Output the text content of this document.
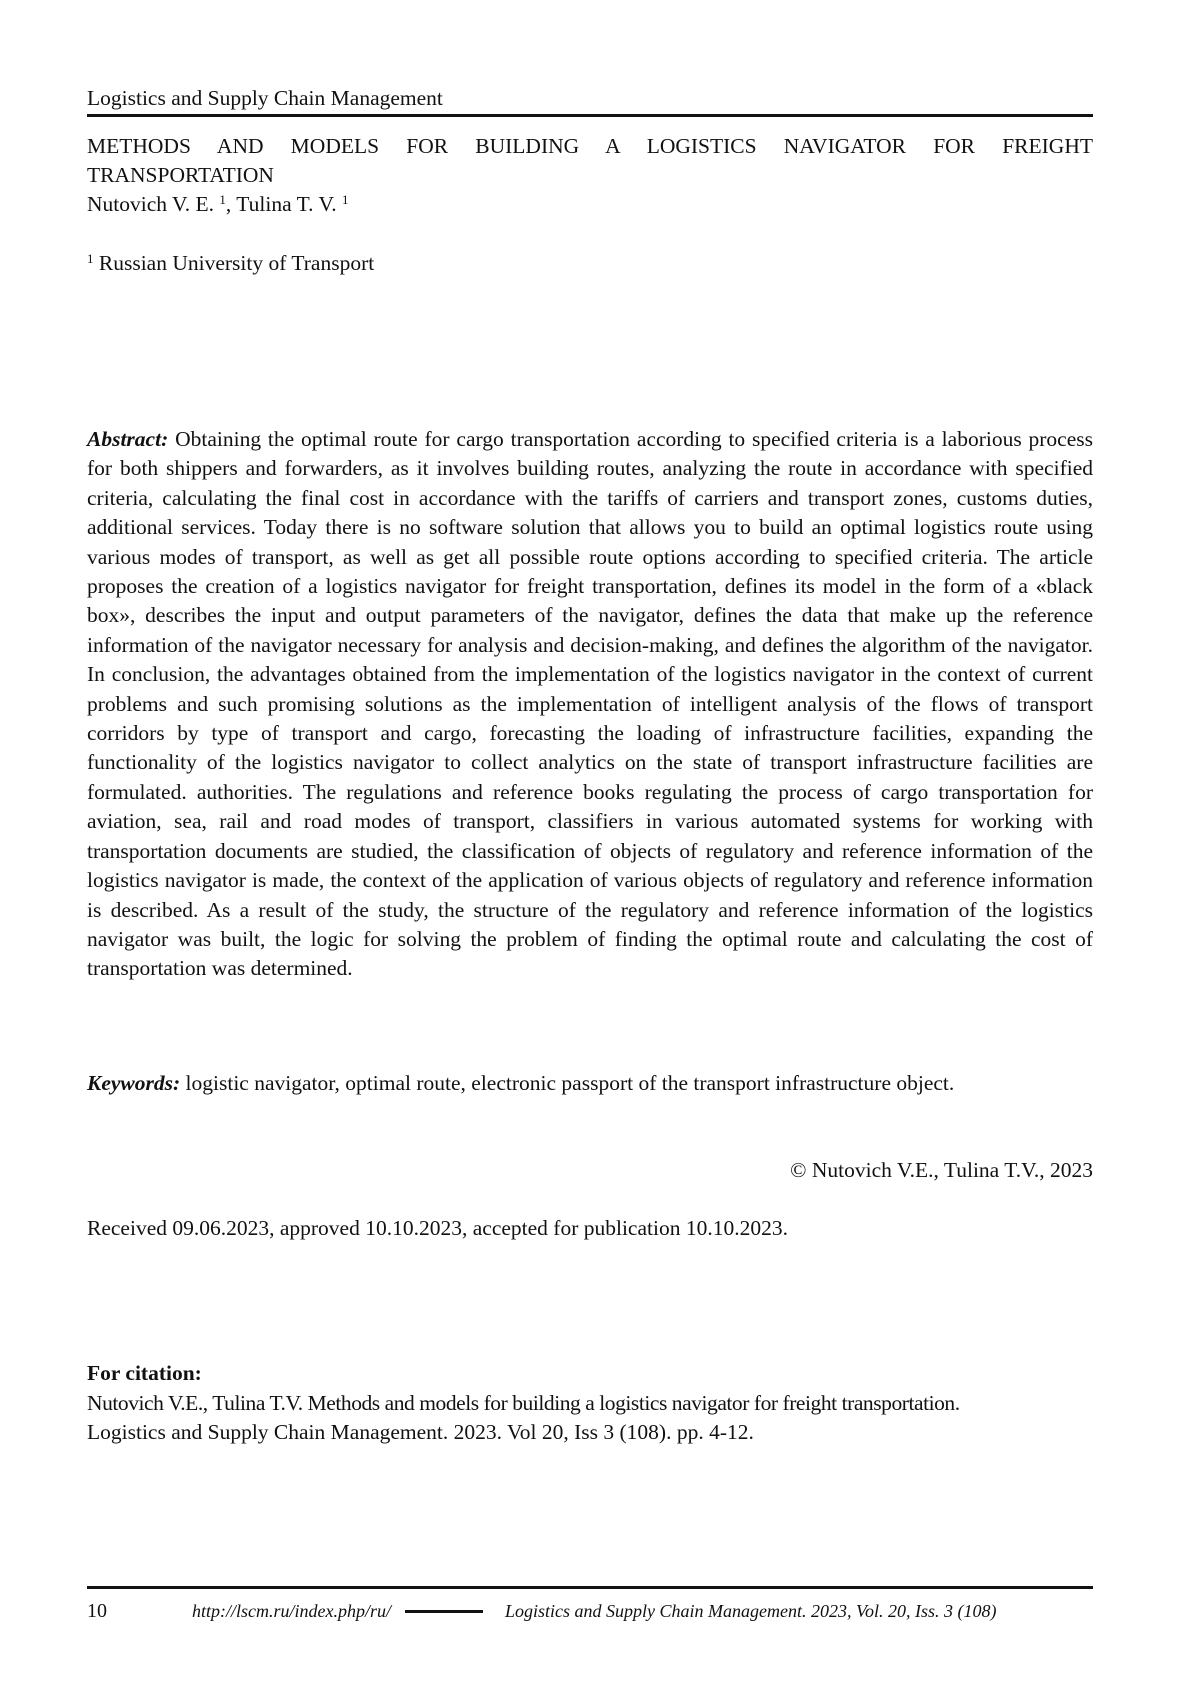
Logistics and Supply Chain Management
METHODS AND MODELS FOR BUILDING A LOGISTICS NAVIGATOR FOR FREIGHT TRANSPORTATION
Nutovich V. E. 1, Tulina T. V. 1
1 Russian University of Transport
Abstract: Obtaining the optimal route for cargo transportation according to specified criteria is a laborious process for both shippers and forwarders, as it involves building routes, analyzing the route in accordance with specified criteria, calculating the final cost in accordance with the tariffs of carriers and transport zones, customs duties, additional services. Today there is no software solution that allows you to build an optimal logistics route using various modes of transport, as well as get all possible route options according to specified criteria. The article proposes the creation of a logistics navigator for freight transportation, defines its model in the form of a «black box», describes the input and output parameters of the navigator, defines the data that make up the reference information of the navigator necessary for analysis and decision-making, and defines the algorithm of the navigator. In conclusion, the advantages obtained from the implementation of the logistics navigator in the context of current problems and such promising solutions as the implementation of intelligent analysis of the flows of transport corridors by type of transport and cargo, forecasting the loading of infrastructure facilities, expanding the functionality of the logistics navigator to collect analytics on the state of transport infrastructure facilities are formulated. authorities. The regulations and reference books regulating the process of cargo transportation for aviation, sea, rail and road modes of transport, classifiers in various automated systems for working with transportation documents are studied, the classification of objects of regulatory and reference information of the logistics navigator is made, the context of the application of various objects of regulatory and reference information is described. As a result of the study, the structure of the regulatory and reference information of the logistics navigator was built, the logic for solving the problem of finding the optimal route and calculating the cost of transportation was determined.
Keywords: logistic navigator, optimal route, electronic passport of the transport infrastructure object.
© Nutovich V.E., Tulina T.V., 2023
Received 09.06.2023, approved 10.10.2023, accepted for publication 10.10.2023.
For citation:
Nutovich V.E., Tulina T.V. Methods and models for building a logistics navigator for freight transportation.
Logistics and Supply Chain Management. 2023. Vol 20, Iss 3 (108). pp. 4-12.
10	http://lscm.ru/index.php/ru/	Logistics and Supply Chain Management. 2023, Vol. 20, Iss. 3 (108)
